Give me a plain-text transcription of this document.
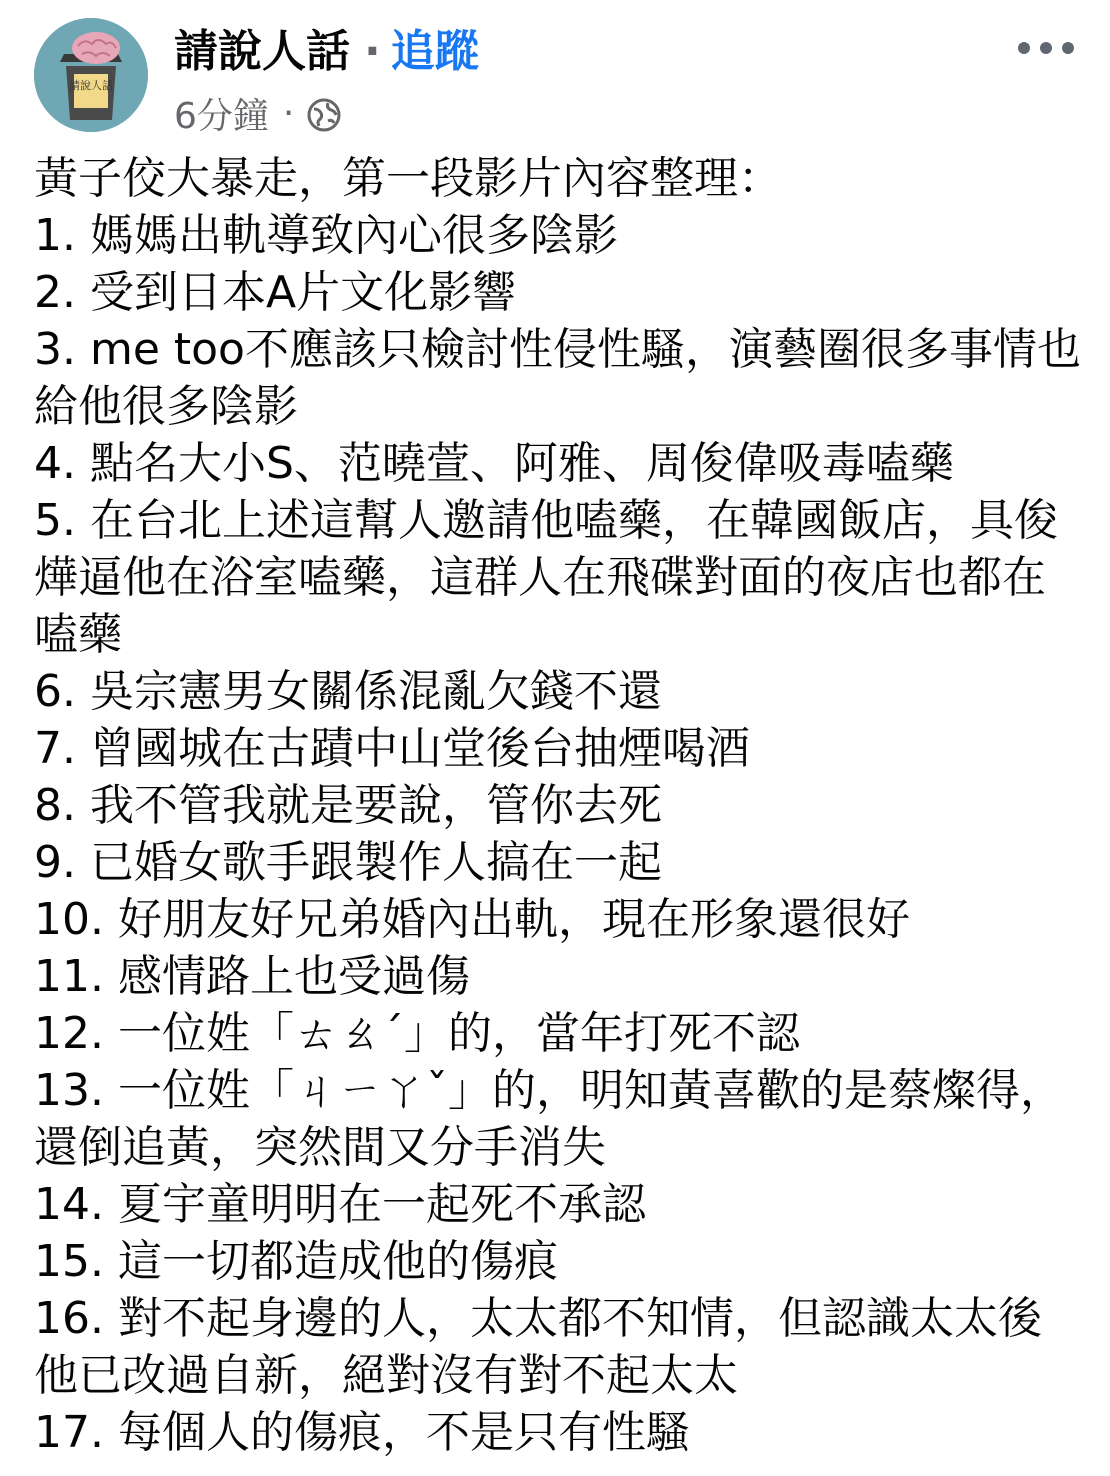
請說人話
請說人話 · 追蹤
6分鐘 ·

黃子佼大暴走，第一段影片內容整理：

1. 媽媽出軌導致內心很多陰影

2. 受到日本A片文化影響

3. me too不應該只檢討性侵性騷，演藝圈很多事情也給他很多陰影

4. 點名大小S、范曉萱、阿雅、周俊偉吸毒嗑藥

5. 在台北上述這幫人邀請他嗑藥，在韓國飯店，具俊燁逼他在浴室嗑藥，這群人在飛碟對面的夜店也都在嗑藥

6. 吳宗憲男女關係混亂欠錢不還

7. 曾國城在古蹟中山堂後台抽煙喝酒

8. 我不管我就是要說，管你去死

9. 已婚女歌手跟製作人搞在一起

10. 好朋友好兄弟婚內出軌，現在形象還很好

11. 感情路上也受過傷

12. 一位姓「ㄊㄠˊ」的，當年打死不認

13. 一位姓「ㄐㄧㄚˇ」的，明知黃喜歡的是蔡燦得，還倒追黃，突然間又分手消失

14. 夏宇童明明在一起死不承認

15. 這一切都造成他的傷痕

16. 對不起身邊的人，太太都不知情，但認識太太後他已改過自新，絕對沒有對不起太太

17. 每個人的傷痕，不是只有性騷
